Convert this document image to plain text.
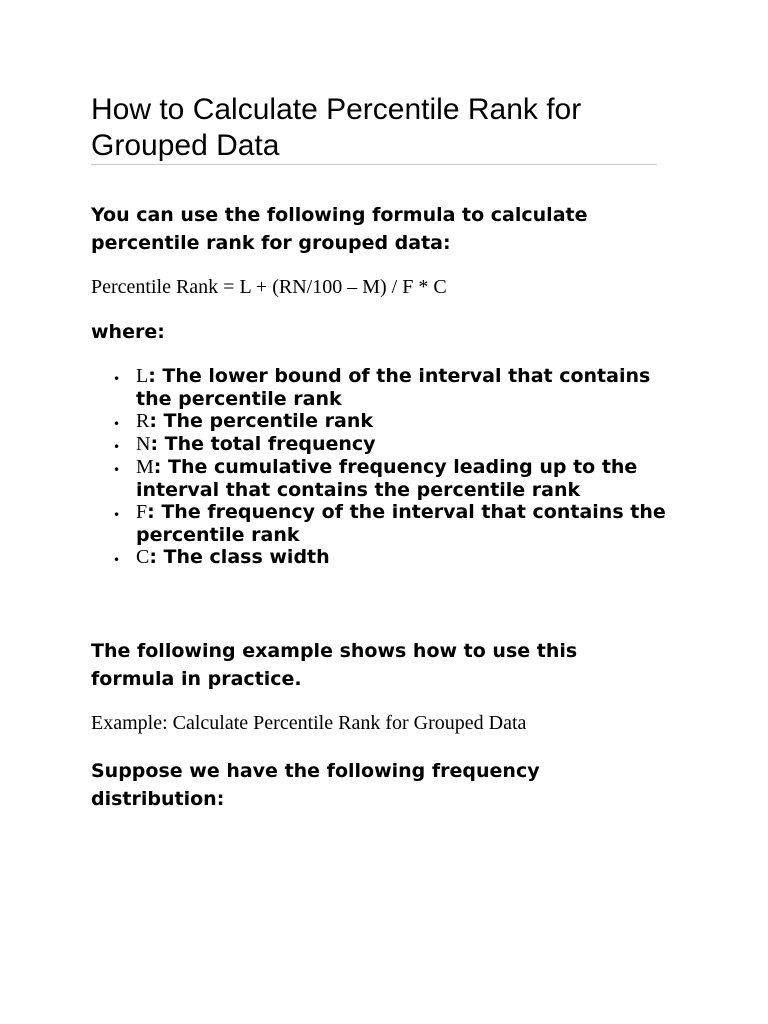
How to Calculate Percentile Rank for Grouped Data

You can use the following formula to calculate percentile rank for grouped data:

Percentile Rank = L + (RN/100 – M) / F * C

where:

• L: The lower bound of the interval that contains the percentile rank
• R: The percentile rank
• N: The total frequency
• M: The cumulative frequency leading up to the interval that contains the percentile rank
• F: The frequency of the interval that contains the percentile rank
• C: The class width

The following example shows how to use this formula in practice.

Example: Calculate Percentile Rank for Grouped Data

Suppose we have the following frequency distribution:
